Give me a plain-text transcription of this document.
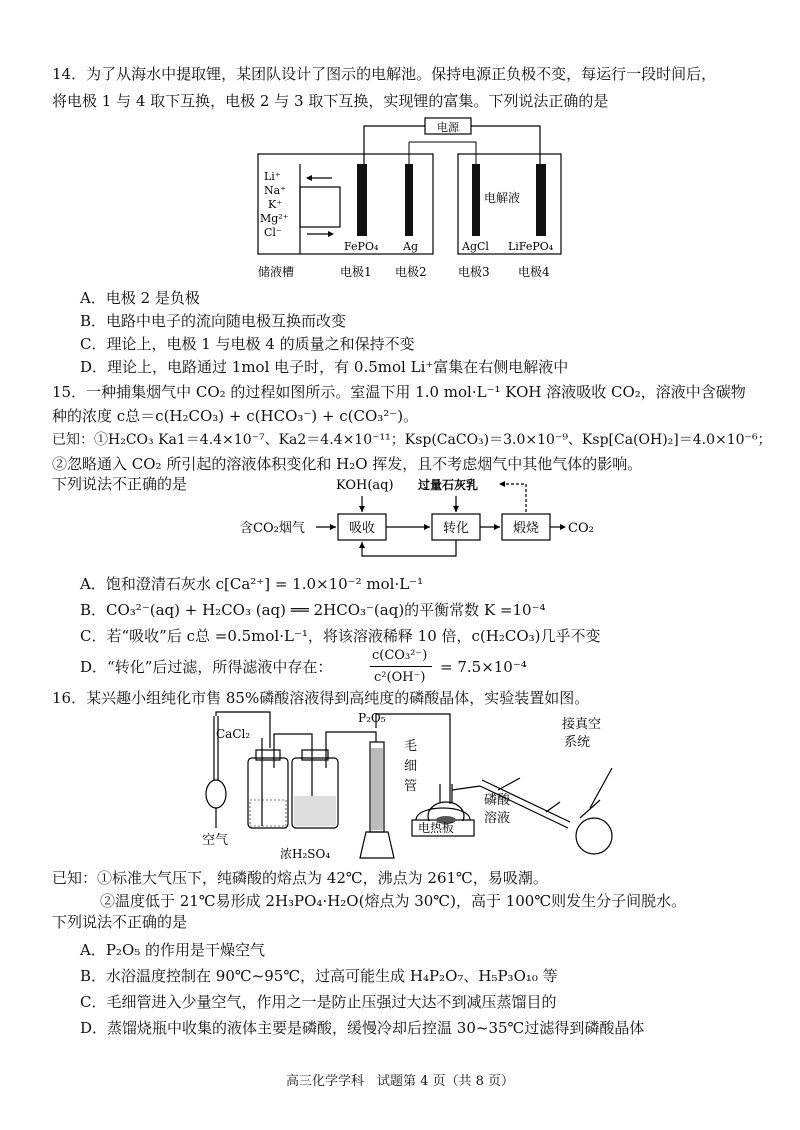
14．为了从海水中提取锂，某团队设计了图示的电解池。保持电源正负极不变，每运行一段时间后，
将电极 1 与 4 取下互换，电极 2 与 3 取下互换，实现锂的富集。下列说法正确的是
电源
Li⁺
Na⁺
K⁺
Mg²⁺
Cl⁻
电解液
FePO₄ Ag	AgCl LiFePO₄
储液槽	电极1 电极2	电极3 电极4
A．电极 2 是负极
B．电路中电子的流向随电极互换而改变
C．理论上，电极 1 与电极 4 的质量之和保持不变
D．理论上，电路通过 1mol 电子时，有 0.5mol Li⁺富集在右侧电解液中
15．一种捕集烟气中 CO₂ 的过程如图所示。室温下用 1.0 mol·L⁻¹ KOH 溶液吸收 CO₂，溶液中含碳物
种的浓度 c总＝c(H₂CO₃) + c(HCO₃⁻) + c(CO₃²⁻)。
已知：①H₂CO₃ Ka1＝4.4×10⁻⁷、Ka2＝4.4×10⁻¹¹；Ksp(CaCO₃)＝3.0×10⁻⁹、Ksp[Ca(OH)₂]＝4.0×10⁻⁶；
②忽略通入 CO₂ 所引起的溶液体积变化和 H₂O 挥发，且不考虑烟气中其他气体的影响。
下列说法不正确的是	KOH(aq) 过量石灰乳
含CO₂烟气	吸收	转化	煅烧 CO₂
A．饱和澄清石灰水 c[Ca²⁺] = 1.0×10⁻² mol·L⁻¹
B．CO₃²⁻(aq) + H₂CO₃ (aq) ══ 2HCO₃⁻(aq)的平衡常数 K =10⁻⁴
C．若“吸收”后 c总 =0.5mol·L⁻¹，将该溶液稀释 10 倍，c(H₂CO₃)几乎不变
D．“转化”后过滤，所得滤液中存在：
c(CO₃²⁻)
c²(OH⁻)
= 7.5×10⁻⁴
16．某兴趣小组纯化市售 85%磷酸溶液得到高纯度的磷酸晶体，实验装置如图。
CaCl₂
P₂O₅
毛
细
管
接真空
系统
磷酸
溶液
电热板
空气
浓H₂SO₄
已知：①标准大气压下，纯磷酸的熔点为 42℃，沸点为 261℃，易吸潮。
②温度低于 21℃易形成 2H₃PO₄·H₂O(熔点为 30℃)，高于 100℃则发生分子间脱水。
下列说法不正确的是
A．P₂O₅ 的作用是干燥空气
B．水浴温度控制在 90℃~95℃，过高可能生成 H₄P₂O₇、H₅P₃O₁₀ 等
C．毛细管进入少量空气，作用之一是防止压强过大达不到减压蒸馏目的
D．蒸馏烧瓶中收集的液体主要是磷酸，缓慢冷却后控温 30~35℃过滤得到磷酸晶体
高三化学学科　试题第 4 页（共 8 页）
